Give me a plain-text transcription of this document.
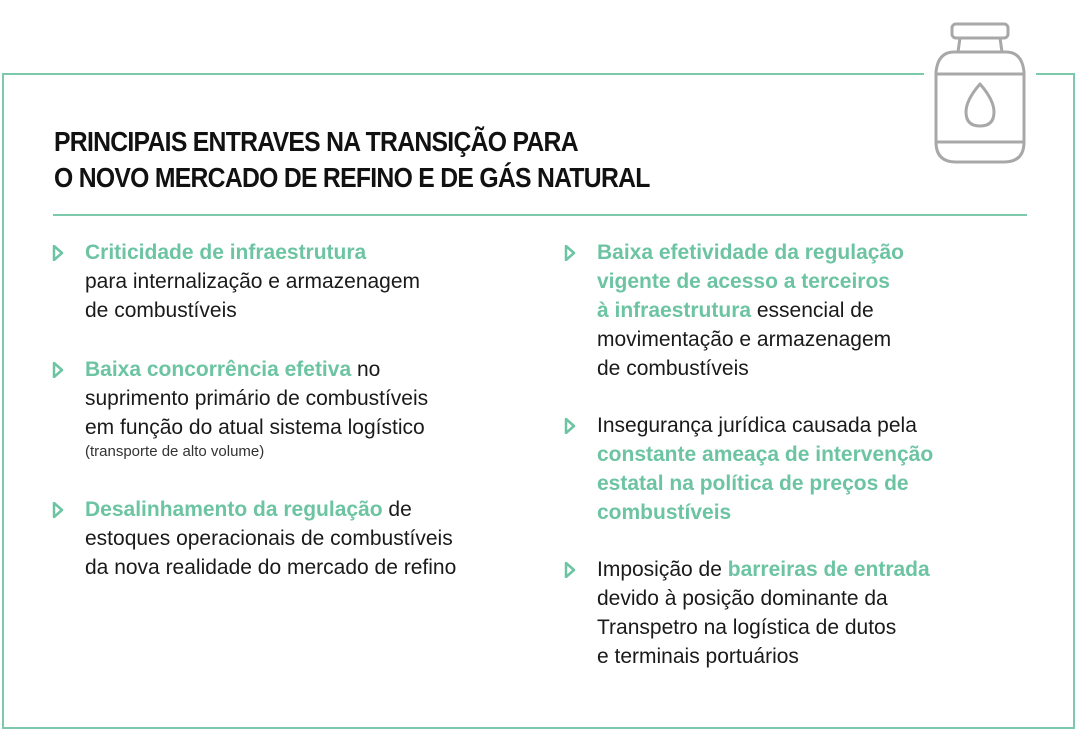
PRINCIPAIS ENTRAVES NA TRANSIÇÃO PARA
O NOVO MERCADO DE REFINO E DE GÁS NATURAL
Criticidade de infraestrutura
para internalização e armazenagem
de combustíveis
Baixa concorrência efetiva no
suprimento primário de combustíveis
em função do atual sistema logístico
(transporte de alto volume)
Desalinhamento da regulação de
estoques operacionais de combustíveis
da nova realidade do mercado de refino
Baixa efetividade da regulação
vigente de acesso a terceiros
à infraestrutura essencial de
movimentação e armazenagem
de combustíveis
Insegurança jurídica causada pela
constante ameaça de intervenção
estatal na política de preços de
combustíveis
Imposição de barreiras de entrada
devido à posição dominante da
Transpetro na logística de dutos
e terminais portuários
